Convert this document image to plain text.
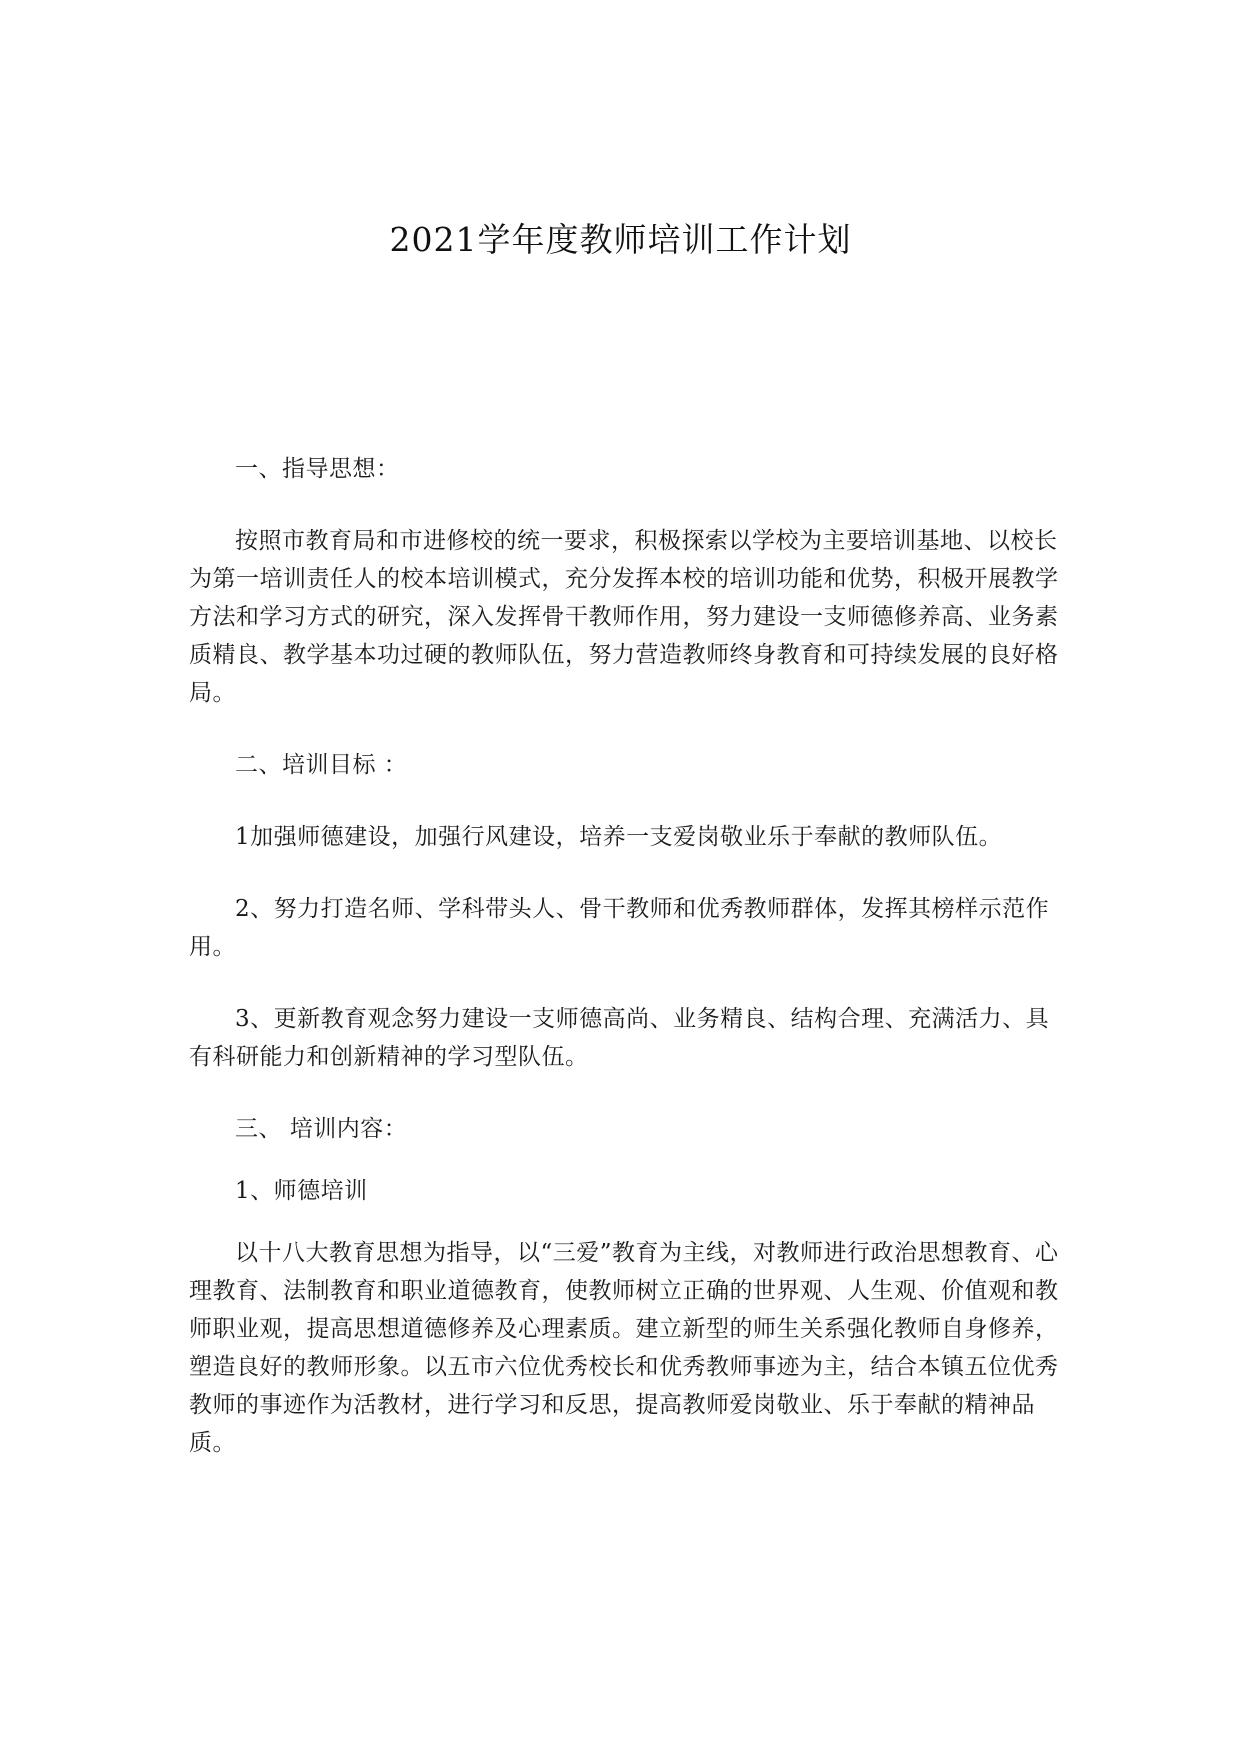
2021学年度教师培训工作计划

一、指导思想：

按照市教育局和市进修校的统一要求，积极探索以学校为主要培训基地、以校长为第一培训责任人的校本培训模式，充分发挥本校的培训功能和优势，积极开展教学方法和学习方式的研究，深入发挥骨干教师作用，努力建设一支师德修养高、业务素质精良、教学基本功过硬的教师队伍，努力营造教师终身教育和可持续发展的良好格局。

二、培训目标 ：

1加强师德建设，加强行风建设，培养一支爱岗敬业乐于奉献的教师队伍。

2、努力打造名师、学科带头人、骨干教师和优秀教师群体，发挥其榜样示范作用。

3、更新教育观念努力建设一支师德高尚、业务精良、结构合理、充满活力、具有科研能力和创新精神的学习型队伍。

三、 培训内容：

1、师德培训

以十八大教育思想为指导，以“三爱”教育为主线，对教师进行政治思想教育、心理教育、法制教育和职业道德教育，使教师树立正确的世界观、人生观、价值观和教师职业观，提高思想道德修养及心理素质。建立新型的师生关系强化教师自身修养，塑造良好的教师形象。以五市六位优秀校长和优秀教师事迹为主，结合本镇五位优秀教师的事迹作为活教材，进行学习和反思，提高教师爱岗敬业、乐于奉献的精神品质。
